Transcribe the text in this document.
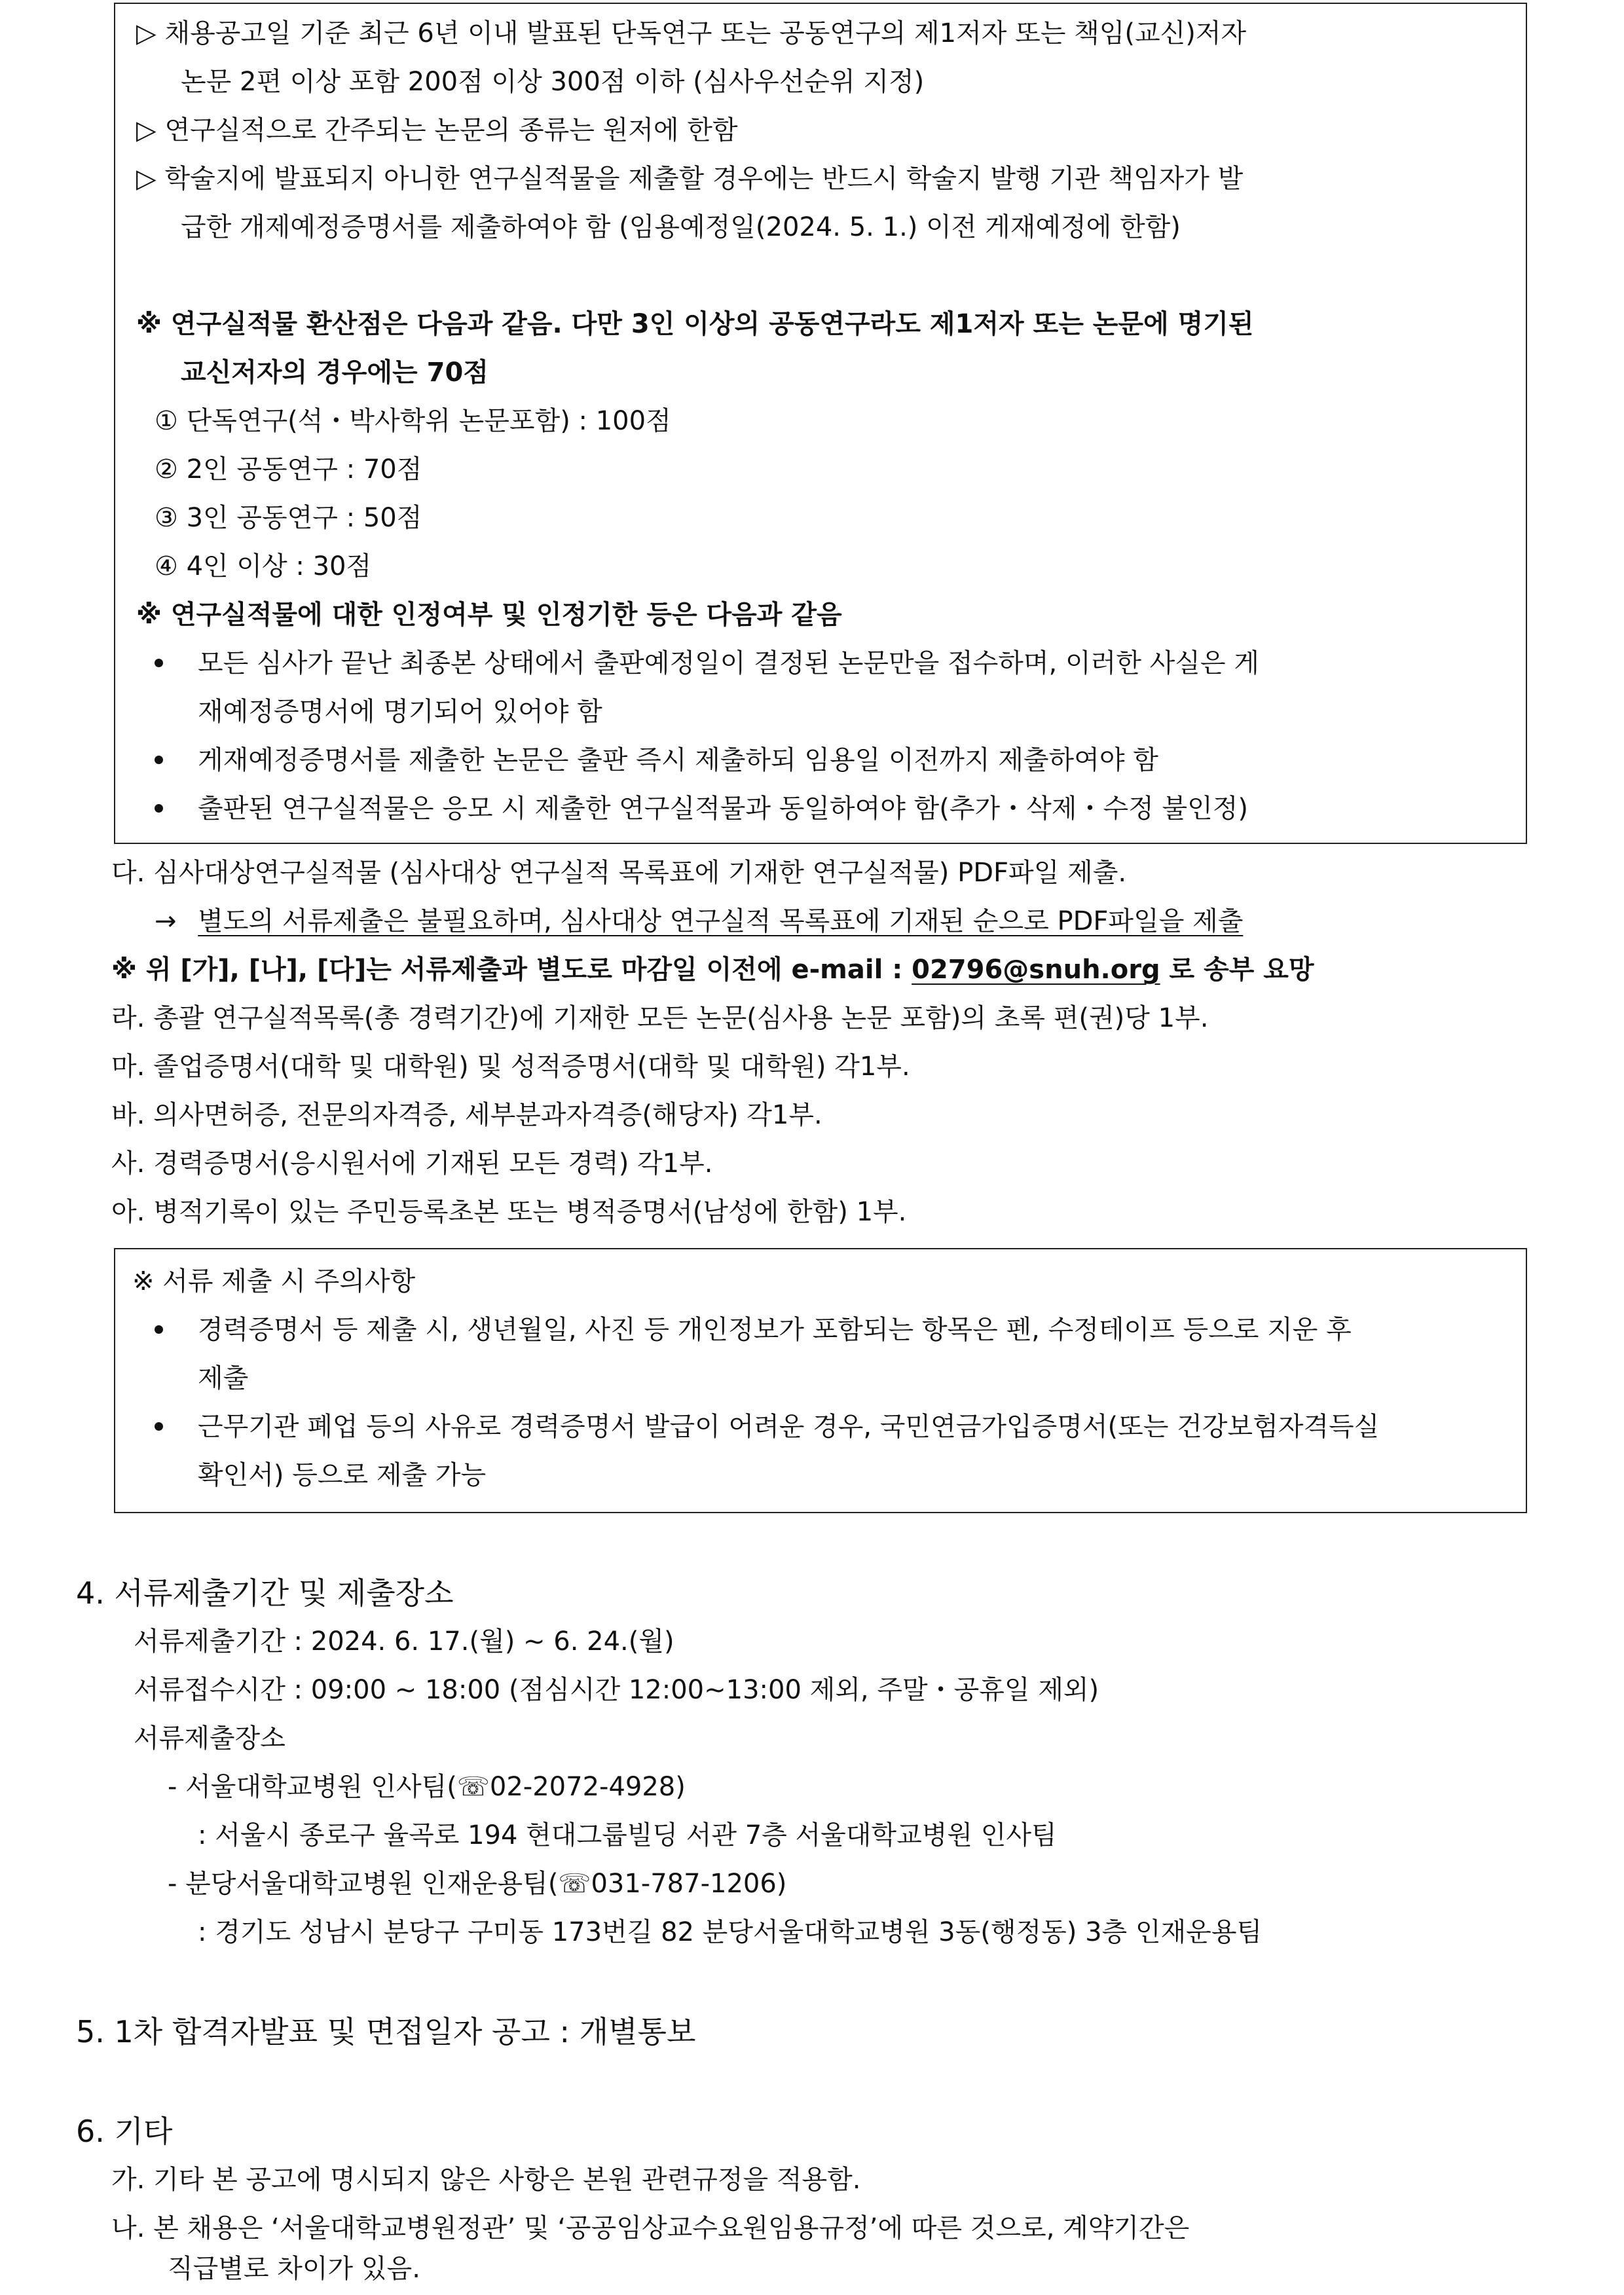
▷ 채용공고일 기준 최근 6년 이내 발표된 단독연구 또는 공동연구의 제1저자 또는 책임(교신)저자
논문 2편 이상 포함 200점 이상 300점 이하 (심사우선순위 지정)
▷ 연구실적으로 간주되는 논문의 종류는 원저에 한함
▷ 학술지에 발표되지 아니한 연구실적물을 제출할 경우에는 반드시 학술지 발행 기관 책임자가 발
급한 개제예정증명서를 제출하여야 함 (임용예정일(2024. 5. 1.) 이전 게재예정에 한함)
※ 연구실적물 환산점은 다음과 같음. 다만 3인 이상의 공동연구라도 제1저자 또는 논문에 명기된
교신저자의 경우에는 70점
① 단독연구(석・박사학위 논문포함) : 100점
② 2인 공동연구 : 70점
③ 3인 공동연구 : 50점
④ 4인 이상 : 30점
※ 연구실적물에 대한 인정여부 및 인정기한 등은 다음과 같음
모든 심사가 끝난 최종본 상태에서 출판예정일이 결정된 논문만을 접수하며, 이러한 사실은 게
재예정증명서에 명기되어 있어야 함
게재예정증명서를 제출한 논문은 출판 즉시 제출하되 임용일 이전까지 제출하여야 함
출판된 연구실적물은 응모 시 제출한 연구실적물과 동일하여야 함(추가・삭제・수정 불인정)
다. 심사대상연구실적물 (심사대상 연구실적 목록표에 기재한 연구실적물) PDF파일 제출.
→ 별도의 서류제출은 불필요하며, 심사대상 연구실적 목록표에 기재된 순으로 PDF파일을 제출
※ 위 [가], [나], [다]는 서류제출과 별도로 마감일 이전에 e-mail : 02796@snuh.org 로 송부 요망
라. 총괄 연구실적목록(총 경력기간)에 기재한 모든 논문(심사용 논문 포함)의 초록 편(권)당 1부.
마. 졸업증명서(대학 및 대학원) 및 성적증명서(대학 및 대학원) 각1부.
바. 의사면허증, 전문의자격증, 세부분과자격증(해당자) 각1부.
사. 경력증명서(응시원서에 기재된 모든 경력) 각1부.
아. 병적기록이 있는 주민등록초본 또는 병적증명서(남성에 한함) 1부.
※ 서류 제출 시 주의사항
경력증명서 등 제출 시, 생년월일, 사진 등 개인정보가 포함되는 항목은 펜, 수정테이프 등으로 지운 후
제출
근무기관 폐업 등의 사유로 경력증명서 발급이 어려운 경우, 국민연금가입증명서(또는 건강보험자격득실
확인서) 등으로 제출 가능
4. 서류제출기간 및 제출장소
서류제출기간 : 2024. 6. 17.(월) ~ 6. 24.(월)
서류접수시간 : 09:00 ~ 18:00 (점심시간 12:00~13:00 제외, 주말・공휴일 제외)
서류제출장소
- 서울대학교병원 인사팀(☏02-2072-4928)
: 서울시 종로구 율곡로 194 현대그룹빌딩 서관 7층 서울대학교병원 인사팀
- 분당서울대학교병원 인재운용팀(☏031-787-1206)
: 경기도 성남시 분당구 구미동 173번길 82 분당서울대학교병원 3동(행정동) 3층 인재운용팀
5. 1차 합격자발표 및 면접일자 공고 : 개별통보
6. 기타
가. 기타 본 공고에 명시되지 않은 사항은 본원 관련규정을 적용함.
나. 본 채용은 ‘서울대학교병원정관’ 및 ‘공공임상교수요원임용규정’에 따른 것으로, 계약기간은
직급별로 차이가 있음.
